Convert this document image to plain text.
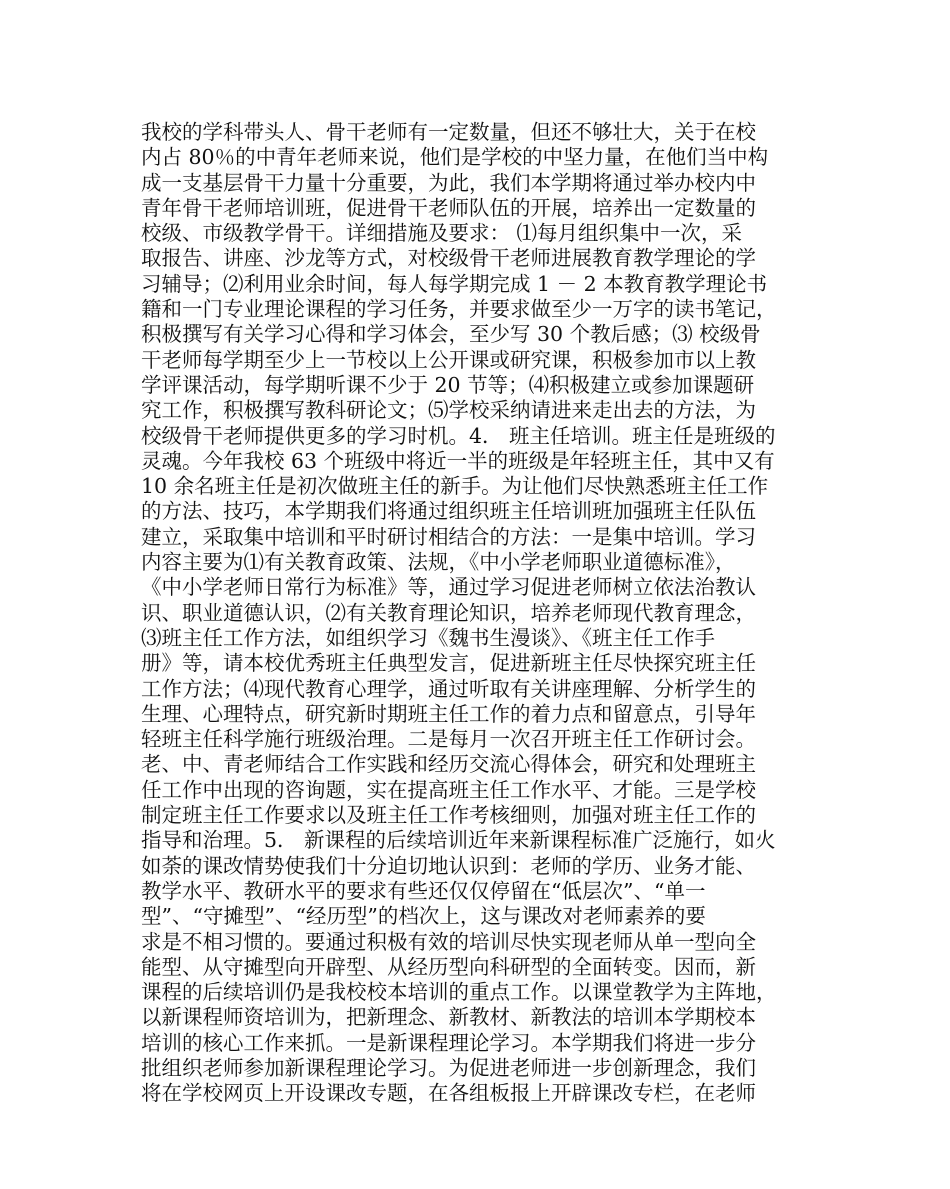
我校的学科带头人、骨干老师有一定数量，但还不够壮大，关于在校
内占 80％的中青年老师来说，他们是学校的中坚力量，在他们当中构
成一支基层骨干力量十分重要，为此，我们本学期将通过举办校内中
青年骨干老师培训班，促进骨干老师队伍的开展，培养出一定数量的
校级、市级教学骨干。详细措施及要求： ⑴每月组织集中一次，采
取报告、讲座、沙龙等方式，对校级骨干老师进展教育教学理论的学
习辅导；⑵利用业余时间，每人每学期完成 1 － 2 本教育教学理论书
籍和一门专业理论课程的学习任务，并要求做至少一万字的读书笔记，
积极撰写有关学习心得和学习体会，至少写 30 个教后感；⑶ 校级骨
干老师每学期至少上一节校以上公开课或研究课，积极参加市以上教
学评课活动，每学期听课不少于 20 节等；⑷积极建立或参加课题研
究工作，积极撰写教科研论文；⑸学校采纳请进来走出去的方法，为
校级骨干老师提供更多的学习时机。4． 班主任培训。班主任是班级的
灵魂。今年我校 63 个班级中将近一半的班级是年轻班主任，其中又有
10 余名班主任是初次做班主任的新手。为让他们尽快熟悉班主任工作
的方法、技巧，本学期我们将通过组织班主任培训班加强班主任队伍
建立，采取集中培训和平时研讨相结合的方法：一是集中培训。学习
内容主要为⑴有关教育政策、法规，《中小学老师职业道德标准》，
《中小学老师日常行为标准》等，通过学习促进老师树立依法治教认
识、职业道德认识，⑵有关教育理论知识，培养老师现代教育理念，
⑶班主任工作方法，如组织学习《魏书生漫谈》、《班主任工作手
册》等，请本校优秀班主任典型发言，促进新班主任尽快探究班主任
工作方法；⑷现代教育心理学，通过听取有关讲座理解、分析学生的
生理、心理特点，研究新时期班主任工作的着力点和留意点，引导年
轻班主任科学施行班级治理。二是每月一次召开班主任工作研讨会。
老、中、青老师结合工作实践和经历交流心得体会，研究和处理班主
任工作中出现的咨询题，实在提高班主任工作水平、才能。三是学校
制定班主任工作要求以及班主任工作考核细则，加强对班主任工作的
指导和治理。5． 新课程的后续培训近年来新课程标准广泛施行，如火
如荼的课改情势使我们十分迫切地认识到：老师的学历、业务才能、
教学水平、教研水平的要求有些还仅仅停留在“低层次”、“单一
型”、“守摊型”、“经历型”的档次上，这与课改对老师素养的要
求是不相习惯的。要通过积极有效的培训尽快实现老师从单一型向全
能型、从守摊型向开辟型、从经历型向科研型的全面转变。因而，新
课程的后续培训仍是我校校本培训的重点工作。以课堂教学为主阵地，
以新课程师资培训为，把新理念、新教材、新教法的培训本学期校本
培训的核心工作来抓。一是新课程理论学习。本学期我们将进一步分
批组织老师参加新课程理论学习。为促进老师进一步创新理念，我们
将在学校网页上开设课改专题，在各组板报上开辟课改专栏，在老师
